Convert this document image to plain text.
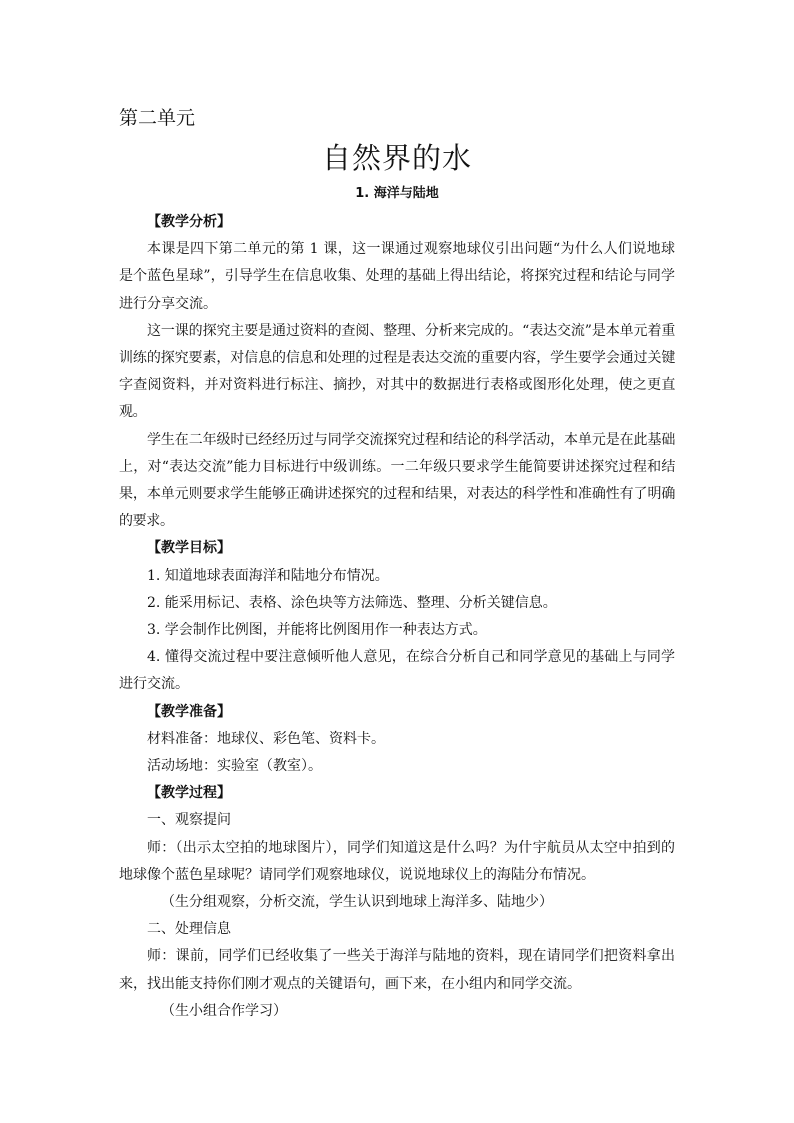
第二单元
自然界的水
1. 海洋与陆地

【教学分析】

本课是四下第二单元的第 1 课，这一课通过观察地球仪引出问题“为什么人们说地球是个蓝色星球”，引导学生在信息收集、处理的基础上得出结论，将探究过程和结论与同学进行分享交流。

这一课的探究主要是通过资料的查阅、整理、分析来完成的。“表达交流”是本单元着重训练的探究要素，对信息的信息和处理的过程是表达交流的重要内容，学生要学会通过关键字查阅资料，并对资料进行标注、摘抄，对其中的数据进行表格或图形化处理，使之更直观。

学生在二年级时已经经历过与同学交流探究过程和结论的科学活动，本单元是在此基础上，对“表达交流”能力目标进行中级训练。一二年级只要求学生能简要讲述探究过程和结果，本单元则要求学生能够正确讲述探究的过程和结果，对表达的科学性和准确性有了明确的要求。

【教学目标】

1. 知道地球表面海洋和陆地分布情况。

2. 能采用标记、表格、涂色块等方法筛选、整理、分析关键信息。

3. 学会制作比例图，并能将比例图用作一种表达方式。

4. 懂得交流过程中要注意倾听他人意见，在综合分析自己和同学意见的基础上与同学进行交流。

【教学准备】

材料准备：地球仪、彩色笔、资料卡。

活动场地：实验室（教室）。

【教学过程】

一、观察提问

师：（出示太空拍的地球图片），同学们知道这是什么吗？为什宇航员从太空中拍到的地球像个蓝色星球呢？请同学们观察地球仪，说说地球仪上的海陆分布情况。

（生分组观察，分析交流，学生认识到地球上海洋多、陆地少）

二、处理信息

师：课前，同学们已经收集了一些关于海洋与陆地的资料，现在请同学们把资料拿出来，找出能支持你们刚才观点的关键语句，画下来，在小组内和同学交流。

（生小组合作学习）
